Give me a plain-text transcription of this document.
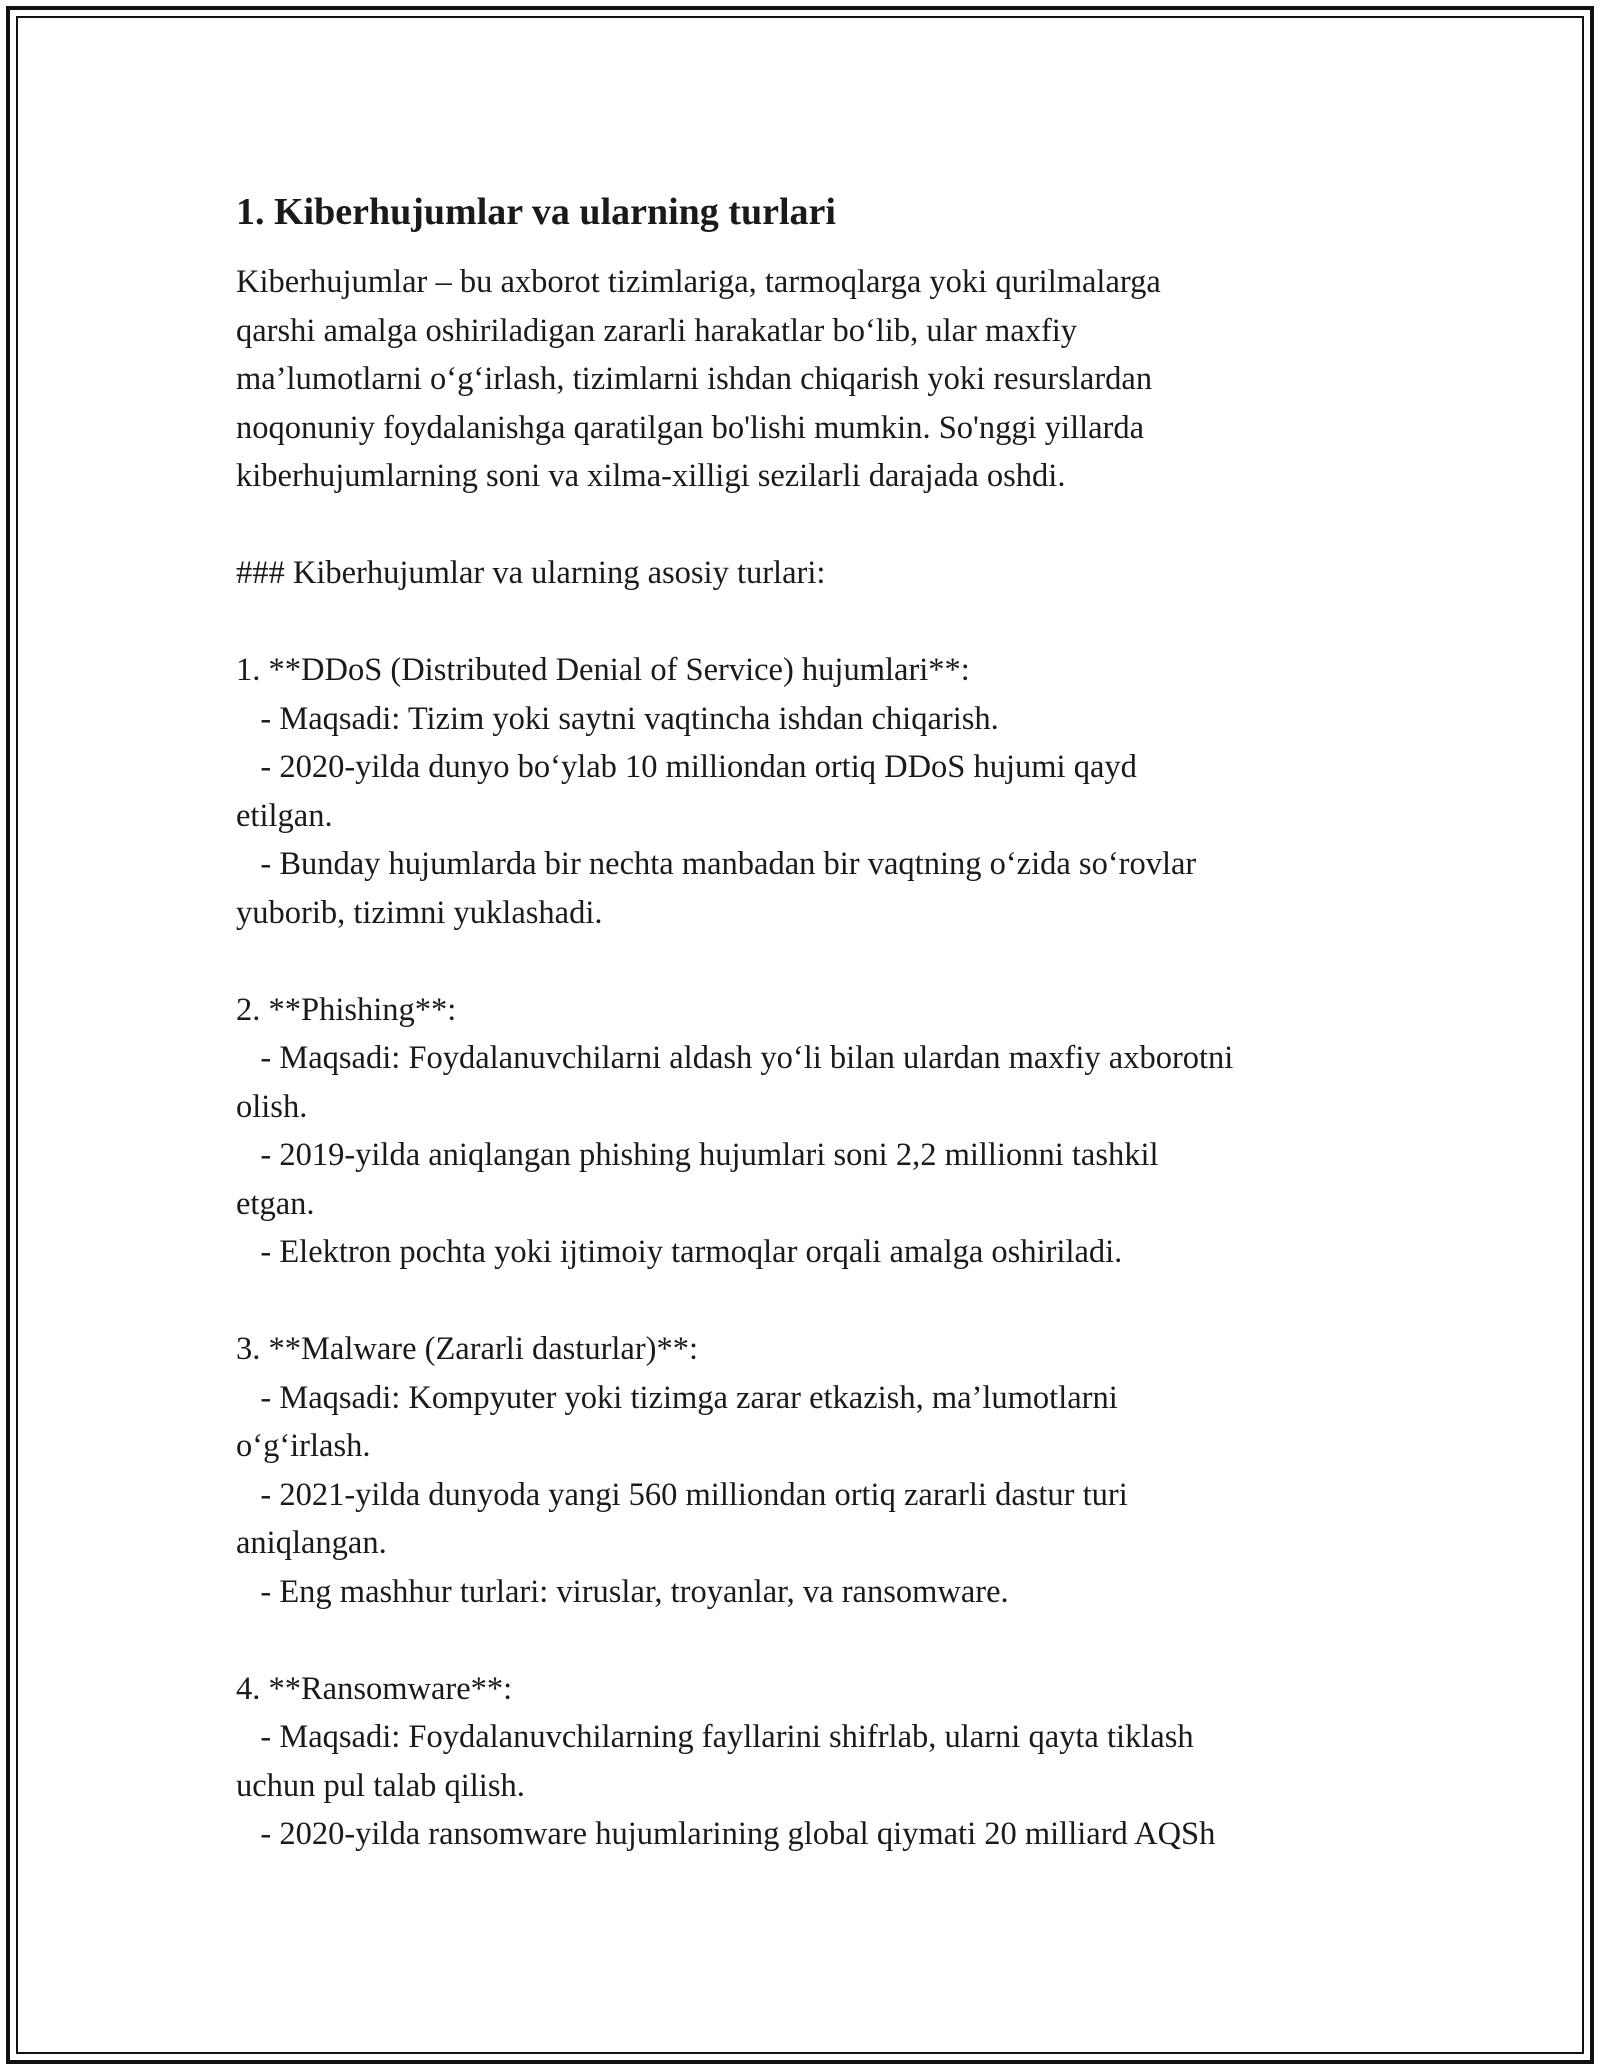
1. Kiberhujumlar va ularning turlari
Kiberhujumlar – bu axborot tizimlariga, tarmoqlarga yoki qurilmalarga
qarshi amalga oshiriladigan zararli harakatlar bo‘lib, ular maxfiy
ma’lumotlarni o‘g‘irlash, tizimlarni ishdan chiqarish yoki resurslardan
noqonuniy foydalanishga qaratilgan bo'lishi mumkin. So'nggi yillarda
kiberhujumlarning soni va xilma-xilligi sezilarli darajada oshdi.
### Kiberhujumlar va ularning asosiy turlari:
1. **DDoS (Distributed Denial of Service) hujumlari**:
- Maqsadi: Tizim yoki saytni vaqtincha ishdan chiqarish.
- 2020-yilda dunyo bo‘ylab 10 milliondan ortiq DDoS hujumi qayd
etilgan.
- Bunday hujumlarda bir nechta manbadan bir vaqtning o‘zida so‘rovlar
yuborib, tizimni yuklashadi.
2. **Phishing**:
- Maqsadi: Foydalanuvchilarni aldash yo‘li bilan ulardan maxfiy axborotni
olish.
- 2019-yilda aniqlangan phishing hujumlari soni 2,2 millionni tashkil
etgan.
- Elektron pochta yoki ijtimoiy tarmoqlar orqali amalga oshiriladi.
3. **Malware (Zararli dasturlar)**:
- Maqsadi: Kompyuter yoki tizimga zarar etkazish, ma’lumotlarni
o‘g‘irlash.
- 2021-yilda dunyoda yangi 560 milliondan ortiq zararli dastur turi
aniqlangan.
- Eng mashhur turlari: viruslar, troyanlar, va ransomware.
4. **Ransomware**:
- Maqsadi: Foydalanuvchilarning fayllarini shifrlab, ularni qayta tiklash
uchun pul talab qilish.
- 2020-yilda ransomware hujumlarining global qiymati 20 milliard AQSh
